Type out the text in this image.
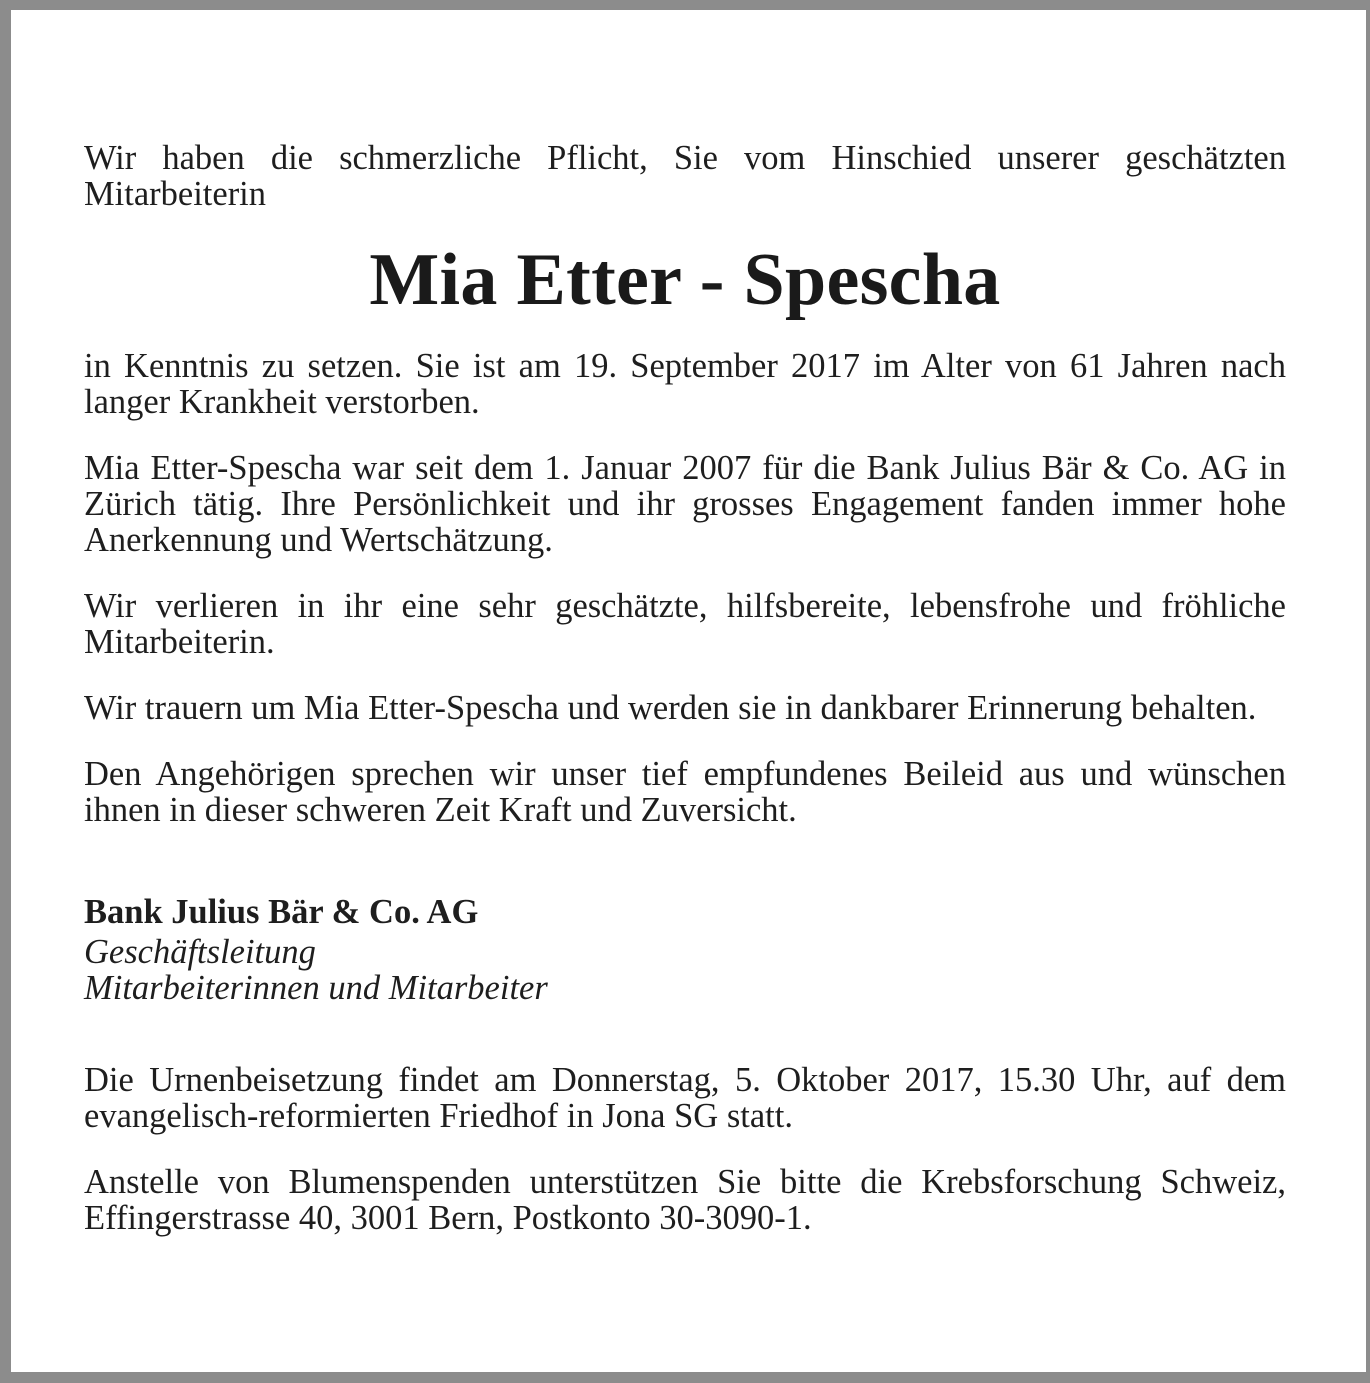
Wir haben die schmerzliche Pflicht, Sie vom Hinschied unserer geschätzten Mitarbeiterin

Mia Etter - Spescha

in Kenntnis zu setzen. Sie ist am 19. September 2017 im Alter von 61 Jahren nach langer Krankheit verstorben.

Mia Etter-Spescha war seit dem 1. Januar 2007 für die Bank Julius Bär & Co. AG in Zürich tätig. Ihre Persönlichkeit und ihr grosses Engagement fanden immer hohe Anerkennung und Wertschätzung.

Wir verlieren in ihr eine sehr geschätzte, hilfsbereite, lebensfrohe und fröhliche Mitarbeiterin.

Wir trauern um Mia Etter-Spescha und werden sie in dankbarer Erinnerung behalten.

Den Angehörigen sprechen wir unser tief empfundenes Beileid aus und wünschen ihnen in dieser schweren Zeit Kraft und Zuversicht.

Bank Julius Bär & Co. AG

Geschäftsleitung
Mitarbeiterinnen und Mitarbeiter

Die Urnenbeisetzung findet am Donnerstag, 5. Oktober 2017, 15.30 Uhr, auf dem evangelisch-reformierten Friedhof in Jona SG statt.

Anstelle von Blumenspenden unterstützen Sie bitte die Krebsforschung Schweiz, Effingerstrasse 40, 3001 Bern, Postkonto 30-3090-1.
